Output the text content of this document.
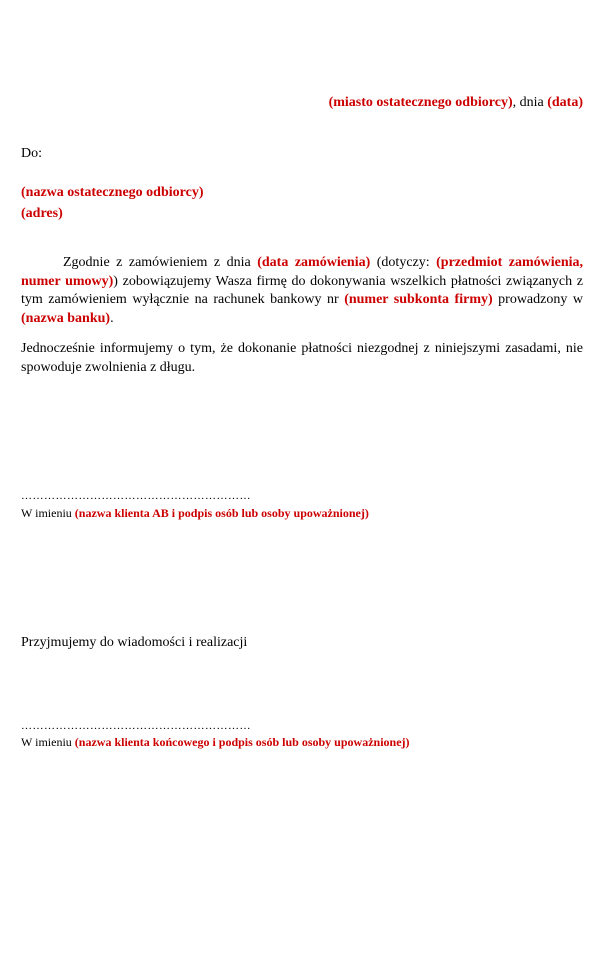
(miasto ostatecznego odbiorcy), dnia (data)
Do:
(nazwa ostatecznego odbiorcy)
(adres)
Zgodnie z zamówieniem z dnia (data zamówienia) (dotyczy: (przedmiot zamówienia, numer umowy)) zobowiązujemy Wasza firmę do dokonywania wszelkich płatności związanych z tym zamówieniem wyłącznie na rachunek bankowy nr (numer subkonta firmy) prowadzony w (nazwa banku).
Jednocześnie informujemy o tym, że dokonanie płatności niezgodnej z niniejszymi zasadami, nie spowoduje zwolnienia z długu.
……………………………………………………
W imieniu (nazwa klienta AB i podpis osób lub osoby upoważnionej)
Przyjmujemy do wiadomości i realizacji
……………………………………………………
W imieniu (nazwa klienta końcowego i podpis osób lub osoby upoważnionej)
